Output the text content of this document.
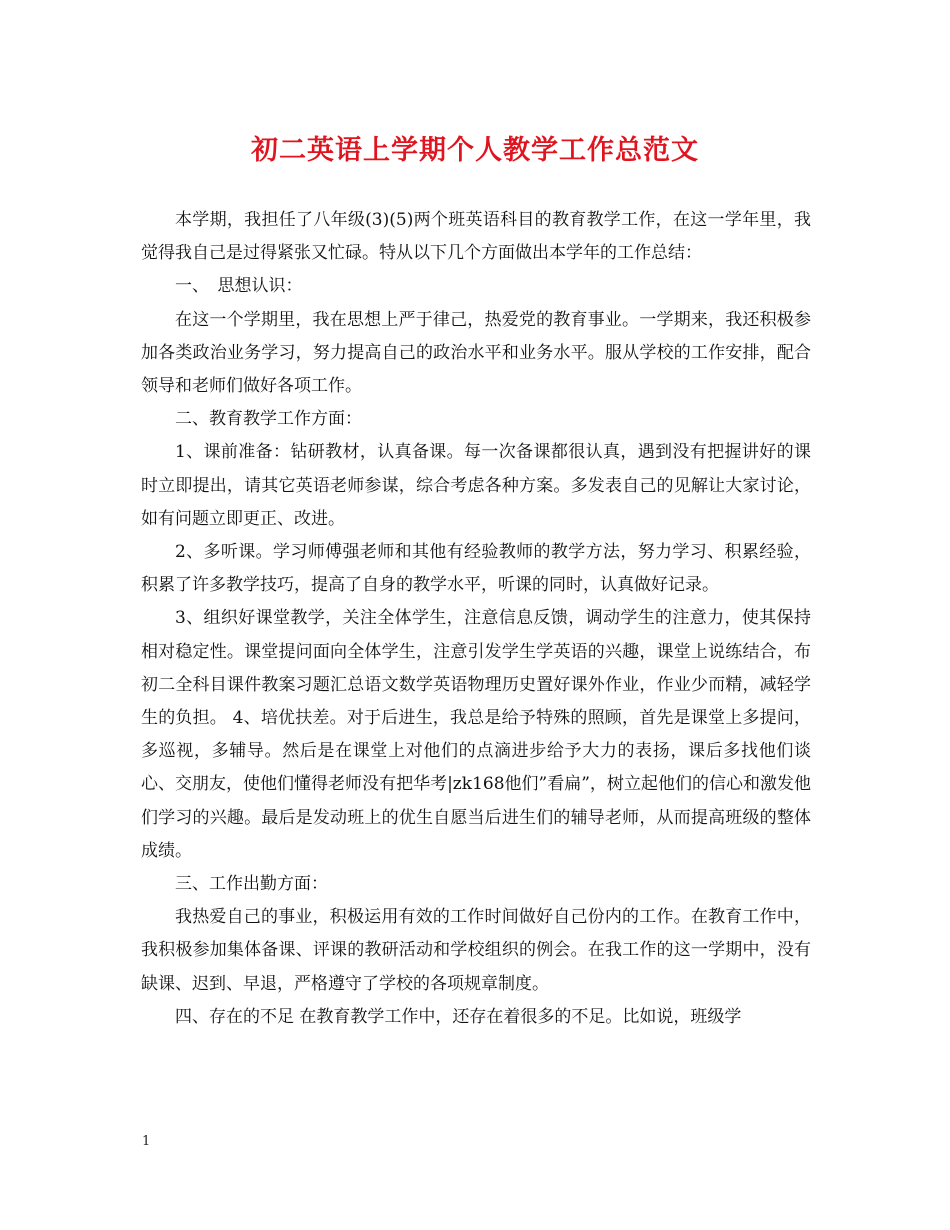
初二英语上学期个人教学工作总范文

本学期，我担任了八年级(3)(5)两个班英语科目的教育教学工作，在这一学年里，我觉得我自己是过得紧张又忙碌。特从以下几个方面做出本学年的工作总结：

一、　思想认识：

在这一个学期里，我在思想上严于律己，热爱党的教育事业。一学期来，我还积极参加各类政治业务学习，努力提高自己的政治水平和业务水平。服从学校的工作安排，配合领导和老师们做好各项工作。

二、教育教学工作方面：

1、课前准备：钻研教材，认真备课。每一次备课都很认真，遇到没有把握讲好的课时立即提出，请其它英语老师参谋，综合考虑各种方案。多发表自己的见解让大家讨论，如有问题立即更正、改进。

2、多听课。学习师傅强老师和其他有经验教师的教学方法，努力学习、积累经验，积累了许多教学技巧，提高了自身的教学水平，听课的同时，认真做好记录。

3、组织好课堂教学，关注全体学生，注意信息反馈，调动学生的注意力，使其保持相对稳定性。课堂提问面向全体学生，注意引发学生学英语的兴趣，课堂上说练结合，布 初二全科目课件教案习题汇总语文数学英语物理历史置好课外作业，作业少而精，减轻学生的负担。 4、培优扶差。对于后进生，我总是给予特殊的照顾，首先是课堂上多提问，多巡视，多辅导。然后是在课堂上对他们的点滴进步给予大力的表扬，课后多找他们谈心、交朋友，使他们懂得老师没有把华考|zk168他们”看扁”，树立起他们的信心和激发他们学习的兴趣。最后是发动班上的优生自愿当后进生们的辅导老师，从而提高班级的整体成绩。

三、工作出勤方面：

我热爱自己的事业，积极运用有效的工作时间做好自己份内的工作。在教育工作中，我积极参加集体备课、评课的教研活动和学校组织的例会。在我工作的这一学期中，没有缺课、迟到、早退，严格遵守了学校的各项规章制度。

四、存在的不足 在教育教学工作中，还存在着很多的不足。比如说，班级学

1
